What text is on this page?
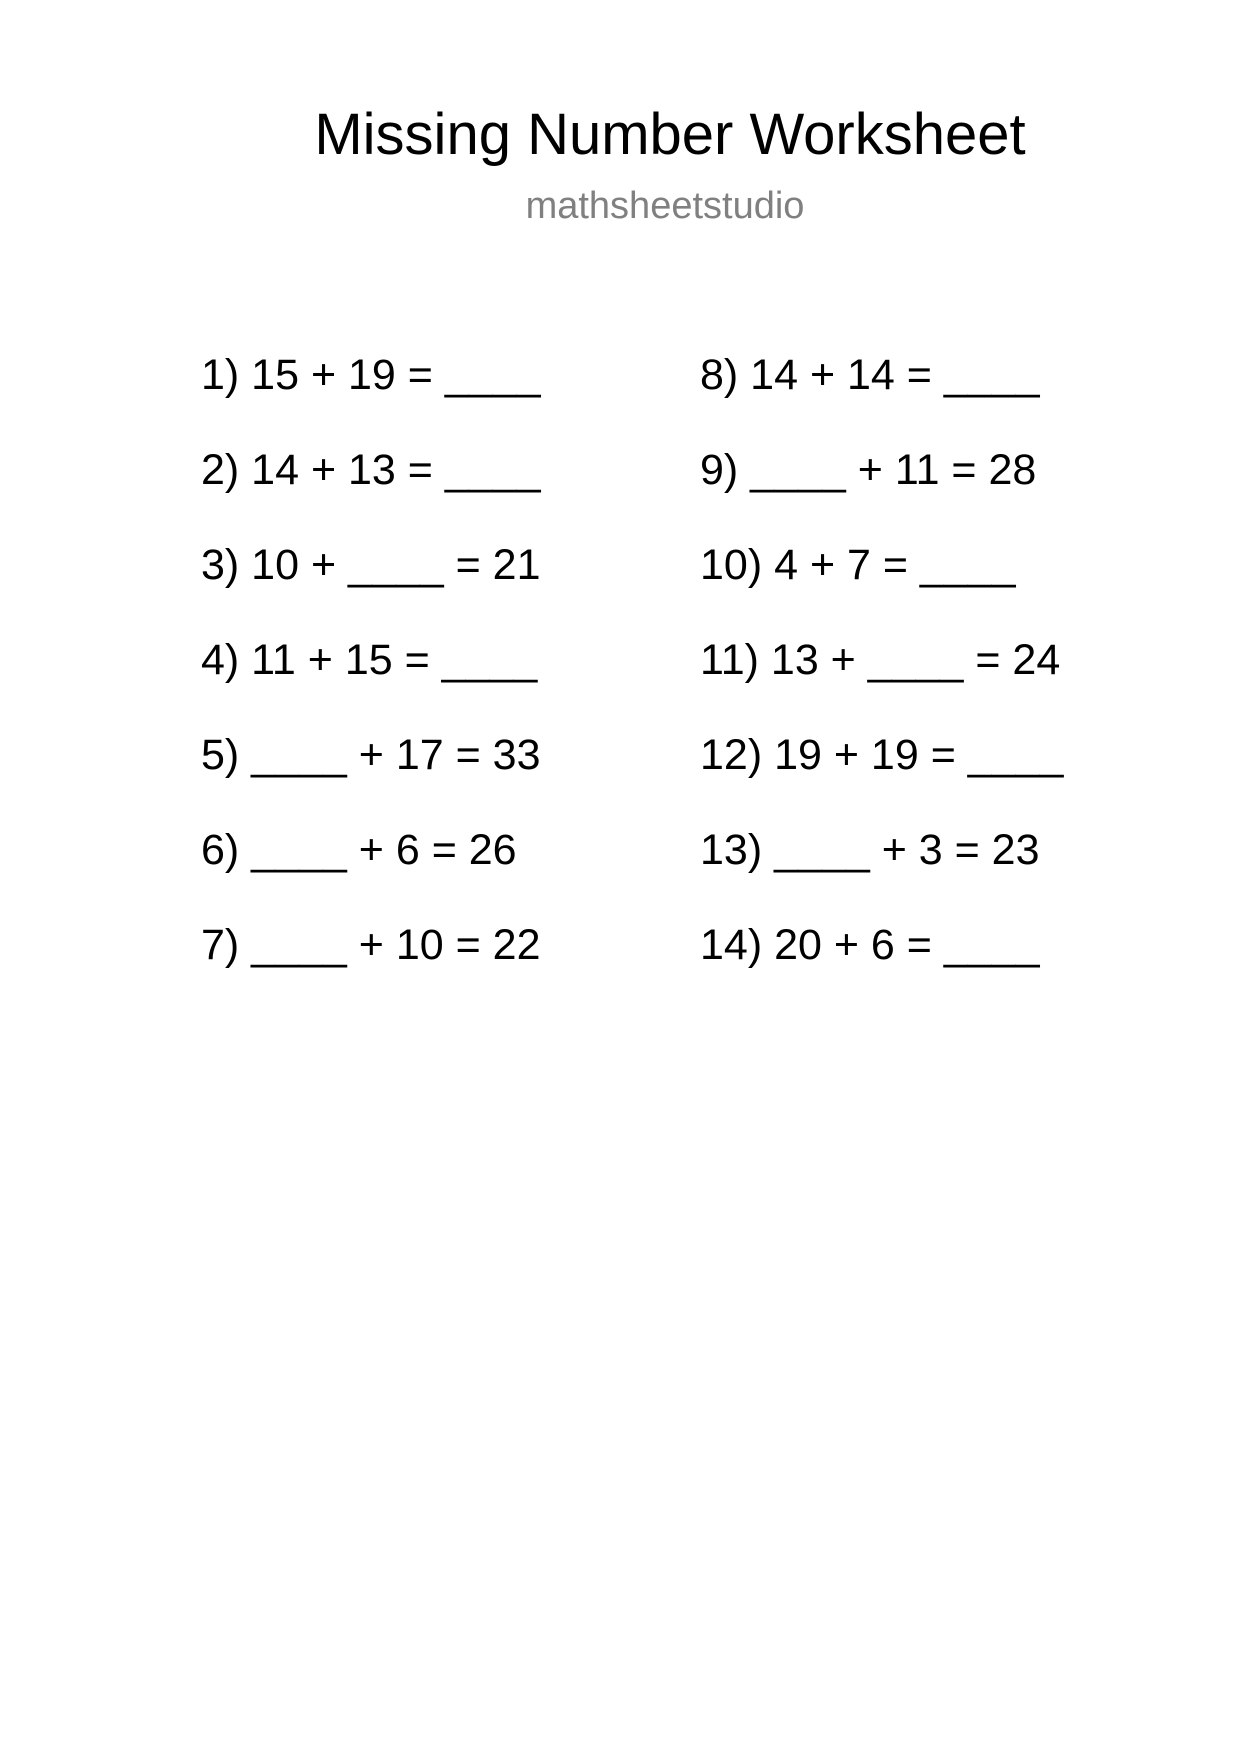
Missing Number Worksheet
mathsheetstudio
1) 15 + 19 = ____
2) 14 + 13 = ____
3) 10 + ____ = 21
4) 11 + 15 = ____
5) ____ + 17 = 33
6) ____ + 6 = 26
7) ____ + 10 = 22
8) 14 + 14 = ____
9) ____ + 11 = 28
10) 4 + 7 = ____
11) 13 + ____ = 24
12) 19 + 19 = ____
13) ____ + 3 = 23
14) 20 + 6 = ____
